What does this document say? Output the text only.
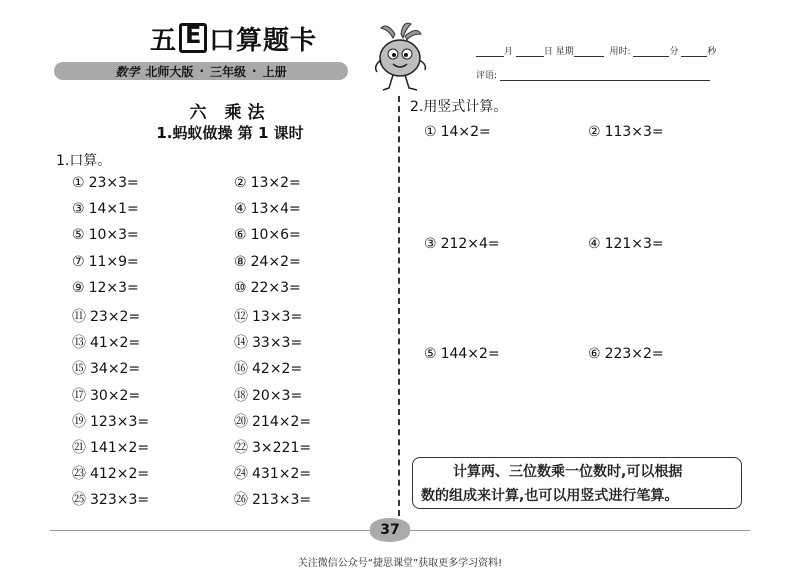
五 E 口算题卡
数学 北师大版 · 三年级 · 上册
月	日 星期	用时:	分	秒
评语:
六 乘法
1.蚂蚁做操 第 1 课时
1.口算。
2.用竖式计算。
① 23×3=	② 13×2=
③ 14×1=	④ 13×4=
⑤ 10×3=	⑥ 10×6=
⑦ 11×9=	⑧ 24×2=
⑨ 12×3=	⑩ 22×3=
⑪ 23×2=	⑫ 13×3=
⑬ 41×2=	⑭ 33×3=
⑮ 34×2=	⑯ 42×2=
⑰ 30×2=	⑱ 20×3=
⑲ 123×3=	⑳ 214×2=
㉑ 141×2=	㉒ 3×221=
㉓ 412×2=	㉔ 431×2=
㉕ 323×3=	㉖ 213×3=
① 14×2=	② 113×3=
③ 212×4=	④ 121×3=
⑤ 144×2=	⑥ 223×2=
计算两、三位数乘一位数时,可以根据
数的组成来计算,也可以用竖式进行笔算。
37
关注微信公众号“捷思课堂”获取更多学习资料!
